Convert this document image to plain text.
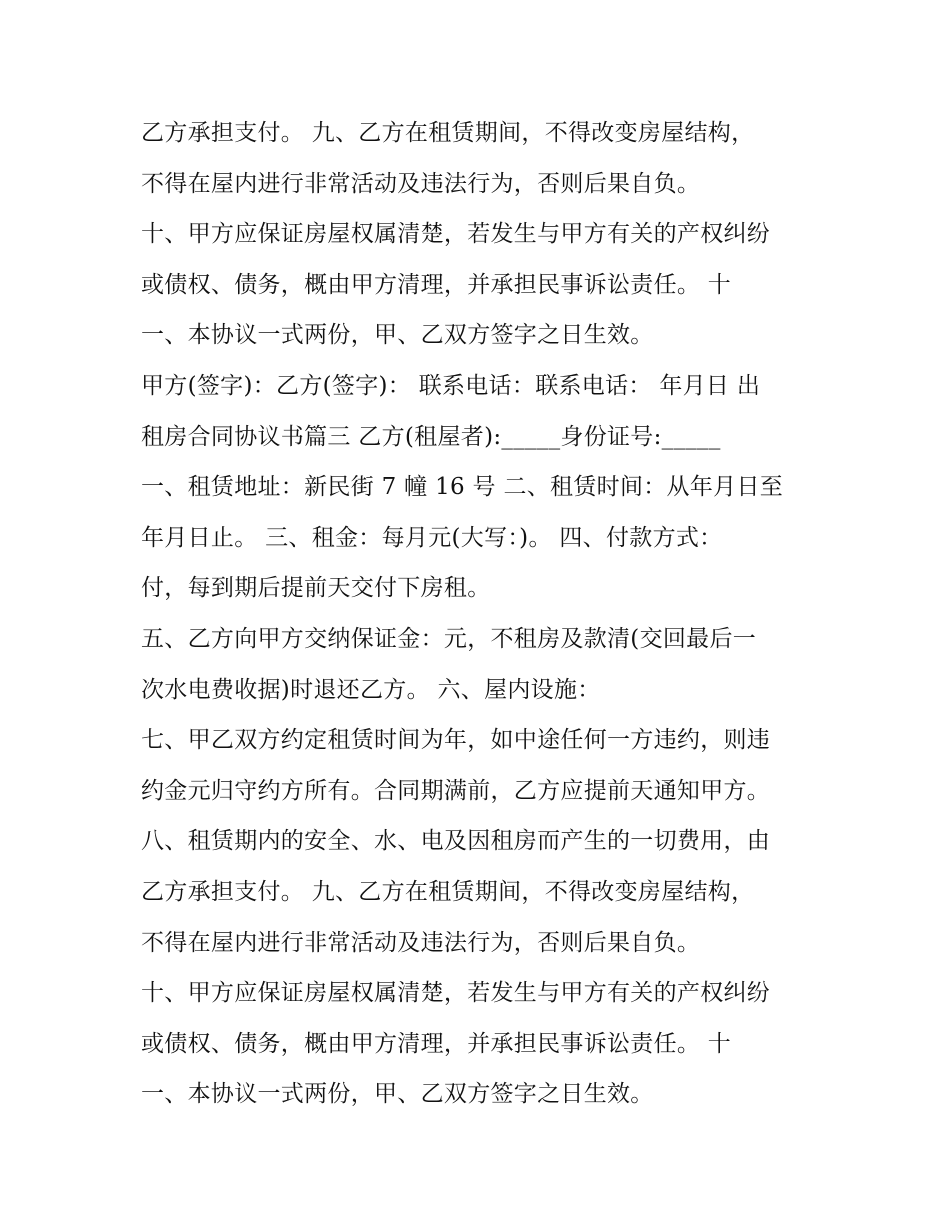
乙方承担支付。 九、乙方在租赁期间，不得改变房屋结构，
不得在屋内进行非常活动及违法行为，否则后果自负。
十、甲方应保证房屋权属清楚，若发生与甲方有关的产权纠纷
或债权、债务，概由甲方清理，并承担民事诉讼责任。 十
一、本协议一式两份，甲、乙双方签字之日生效。
甲方(签字)：乙方(签字)： 联系电话：联系电话： 年月日 出
租房合同协议书篇三 乙方(租屋者):_____身份证号:_____
一、租赁地址：新民街 7 幢 16 号 二、租赁时间：从年月日至
年月日止。 三、租金：每月元(大写：)。 四、付款方式：
付，每到期后提前天交付下房租。
五、乙方向甲方交纳保证金：元，不租房及款清(交回最后一
次水电费收据)时退还乙方。 六、屋内设施：
七、甲乙双方约定租赁时间为年，如中途任何一方违约，则违
约金元归守约方所有。合同期满前，乙方应提前天通知甲方。
八、租赁期内的安全、水、电及因租房而产生的一切费用，由
乙方承担支付。 九、乙方在租赁期间，不得改变房屋结构，
不得在屋内进行非常活动及违法行为，否则后果自负。
十、甲方应保证房屋权属清楚，若发生与甲方有关的产权纠纷
或债权、债务，概由甲方清理，并承担民事诉讼责任。 十
一、本协议一式两份，甲、乙双方签字之日生效。
